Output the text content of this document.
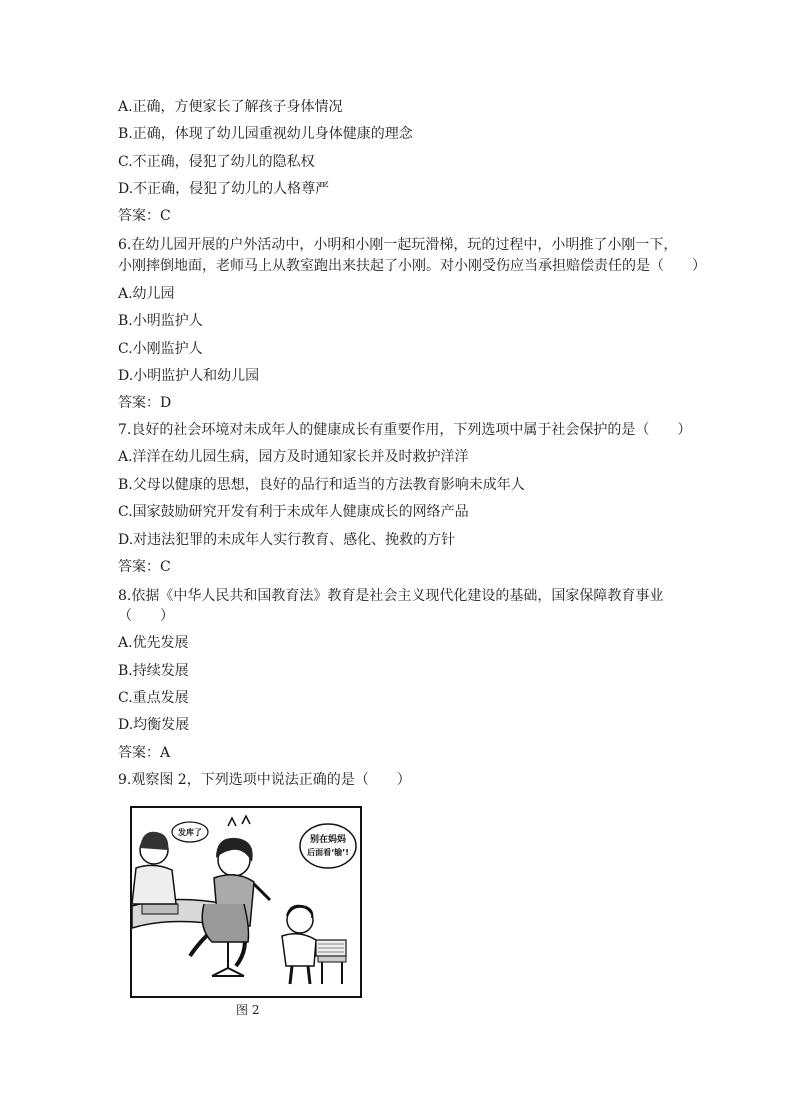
A.正确，方便家长了解孩子身体情况
B.正确，体现了幼儿园重视幼儿身体健康的理念
C.不正确，侵犯了幼儿的隐私权
D.不正确，侵犯了幼儿的人格尊严
答案：C
6.在幼儿园开展的户外活动中，小明和小刚一起玩滑梯，玩的过程中，小明推了小刚一下，
小刚摔倒地面，老师马上从教室跑出来扶起了小刚。对小刚受伤应当承担赔偿责任的是（　　）
A.幼儿园
B.小明监护人
C.小刚监护人
D.小明监护人和幼儿园
答案：D
7.良好的社会环境对未成年人的健康成长有重要作用，下列选项中属于社会保护的是（　　）
A.洋洋在幼儿园生病，园方及时通知家长并及时救护洋洋
B.父母以健康的思想，良好的品行和适当的方法教育影响未成年人
C.国家鼓励研究开发有利于未成年人健康成长的网络产品
D.对违法犯罪的未成年人实行教育、感化、挽救的方针
答案：C
8.依据《中华人民共和国教育法》教育是社会主义现代化建设的基础，国家保障教育事业
（　　）
A.优先发展
B.持续发展
C.重点发展
D.均衡发展
答案：A
9.观察图 2，下列选项中说法正确的是（　　）
发库了
别在妈妈
后面看‘输’!
图 2
